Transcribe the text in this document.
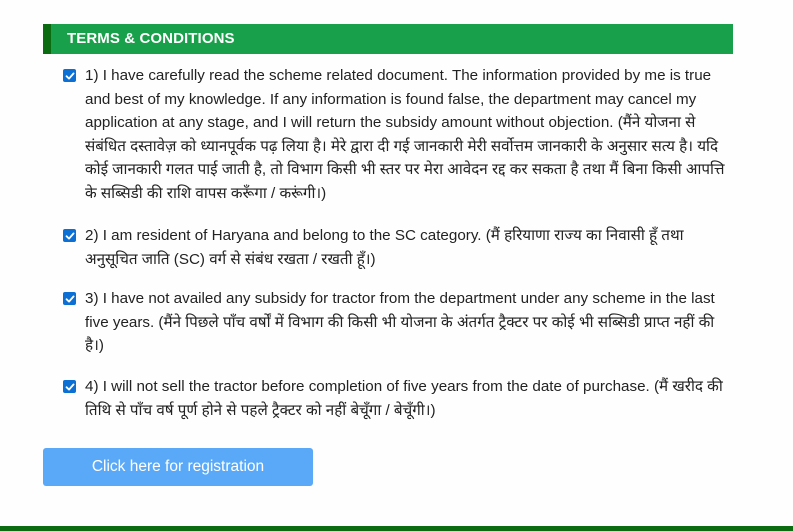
TERMS & CONDITIONS
1) I have carefully read the scheme related document. The information provided by me is true and best of my knowledge. If any information is found false, the department may cancel my application at any stage, and I will return the subsidy amount without objection. (मैंने योजना से संबंधित दस्तावेज़ को ध्यानपूर्वक पढ़ लिया है। मेरे द्वारा दी गई जानकारी मेरी सर्वोत्तम जानकारी के अनुसार सत्य है। यदि कोई जानकारी गलत पाई जाती है, तो विभाग किसी भी स्तर पर मेरा आवेदन रद्द कर सकता है तथा मैं बिना किसी आपत्ति के सब्सिडी की राशि वापस करूँगा / करूंगी।)
2) I am resident of Haryana and belong to the SC category. (मैं हरियाणा राज्य का निवासी हूँ तथा अनुसूचित जाति (SC) वर्ग से संबंध रखता / रखती हूँ।)
3) I have not availed any subsidy for tractor from the department under any scheme in the last five years. (मैंने पिछले पाँच वर्षों में विभाग की किसी भी योजना के अंतर्गत ट्रैक्टर पर कोई भी सब्सिडी प्राप्त नहीं की है।)
4) I will not sell the tractor before completion of five years from the date of purchase. (मैं खरीद की तिथि से पाँच वर्ष पूर्ण होने से पहले ट्रैक्टर को नहीं बेचूँगा / बेचूँगी।)
Click here for registration
